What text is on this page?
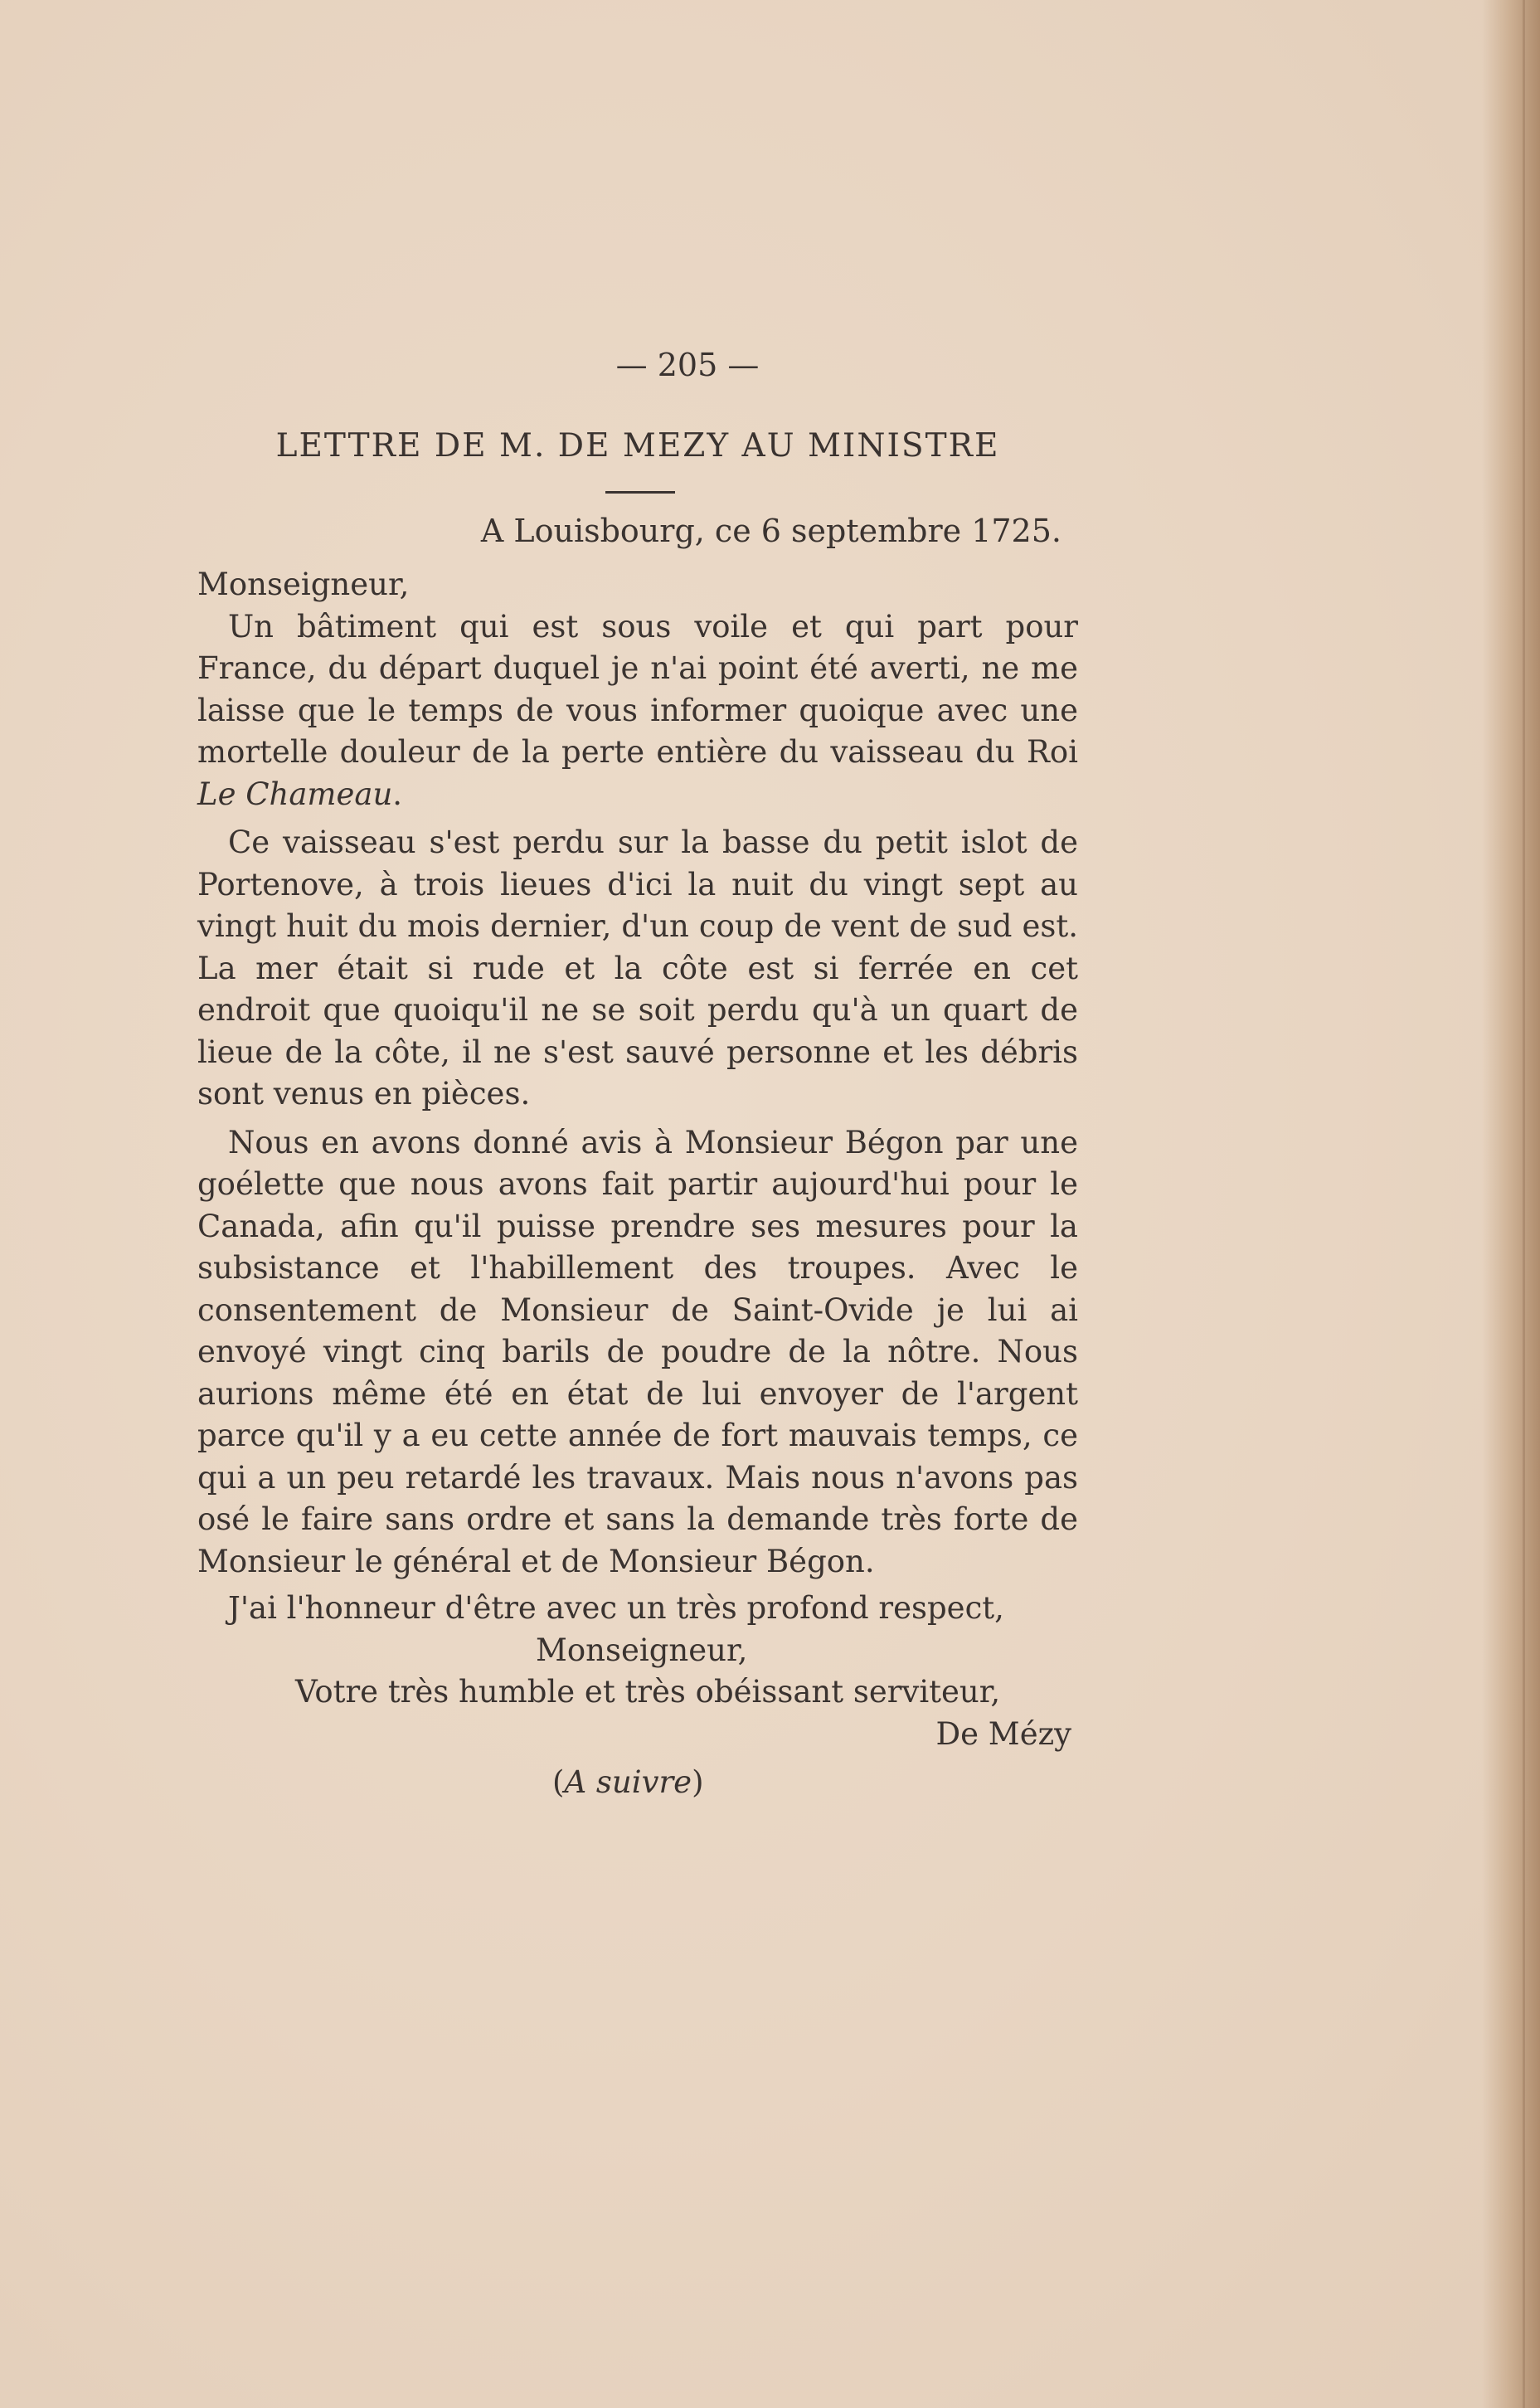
— 205 —
LETTRE DE M. DE MEZY AU MINISTRE
A Louisbourg, ce 6 septembre 1725.

Monseigneur,

Un bâtiment qui est sous voile et qui part pour France, du départ duquel je n'ai point été averti, ne me laisse que le temps de vous informer quoique avec une mortelle douleur de la perte entière du vaisseau du Roi Le Chameau.

Ce vaisseau s'est perdu sur la basse du petit islot de Portenove, à trois lieues d'ici la nuit du vingt sept au vingt huit du mois dernier, d'un coup de vent de sud est. La mer était si rude et la côte est si ferrée en cet endroit que quoiqu'il ne se soit perdu qu'à un quart de lieue de la côte, il ne s'est sauvé personne et les débris sont venus en pièces.

Nous en avons donné avis à Monsieur Bégon par une goélette que nous avons fait partir aujourd'hui pour le Canada, afin qu'il puisse prendre ses mesures pour la subsistance et l'habillement des troupes. Avec le consentement de Monsieur de Saint-Ovide je lui ai envoyé vingt cinq barils de poudre de la nôtre. Nous aurions même été en état de lui envoyer de l'argent parce qu'il y a eu cette année de fort mauvais temps, ce qui a un peu retardé les travaux. Mais nous n'avons pas osé le faire sans ordre et sans la demande très forte de Monsieur le général et de Monsieur Bégon.

J'ai l'honneur d'être avec un très profond respect,

Monseigneur,

Votre très humble et très obéissant serviteur,

De Mézy

(A suivre)
